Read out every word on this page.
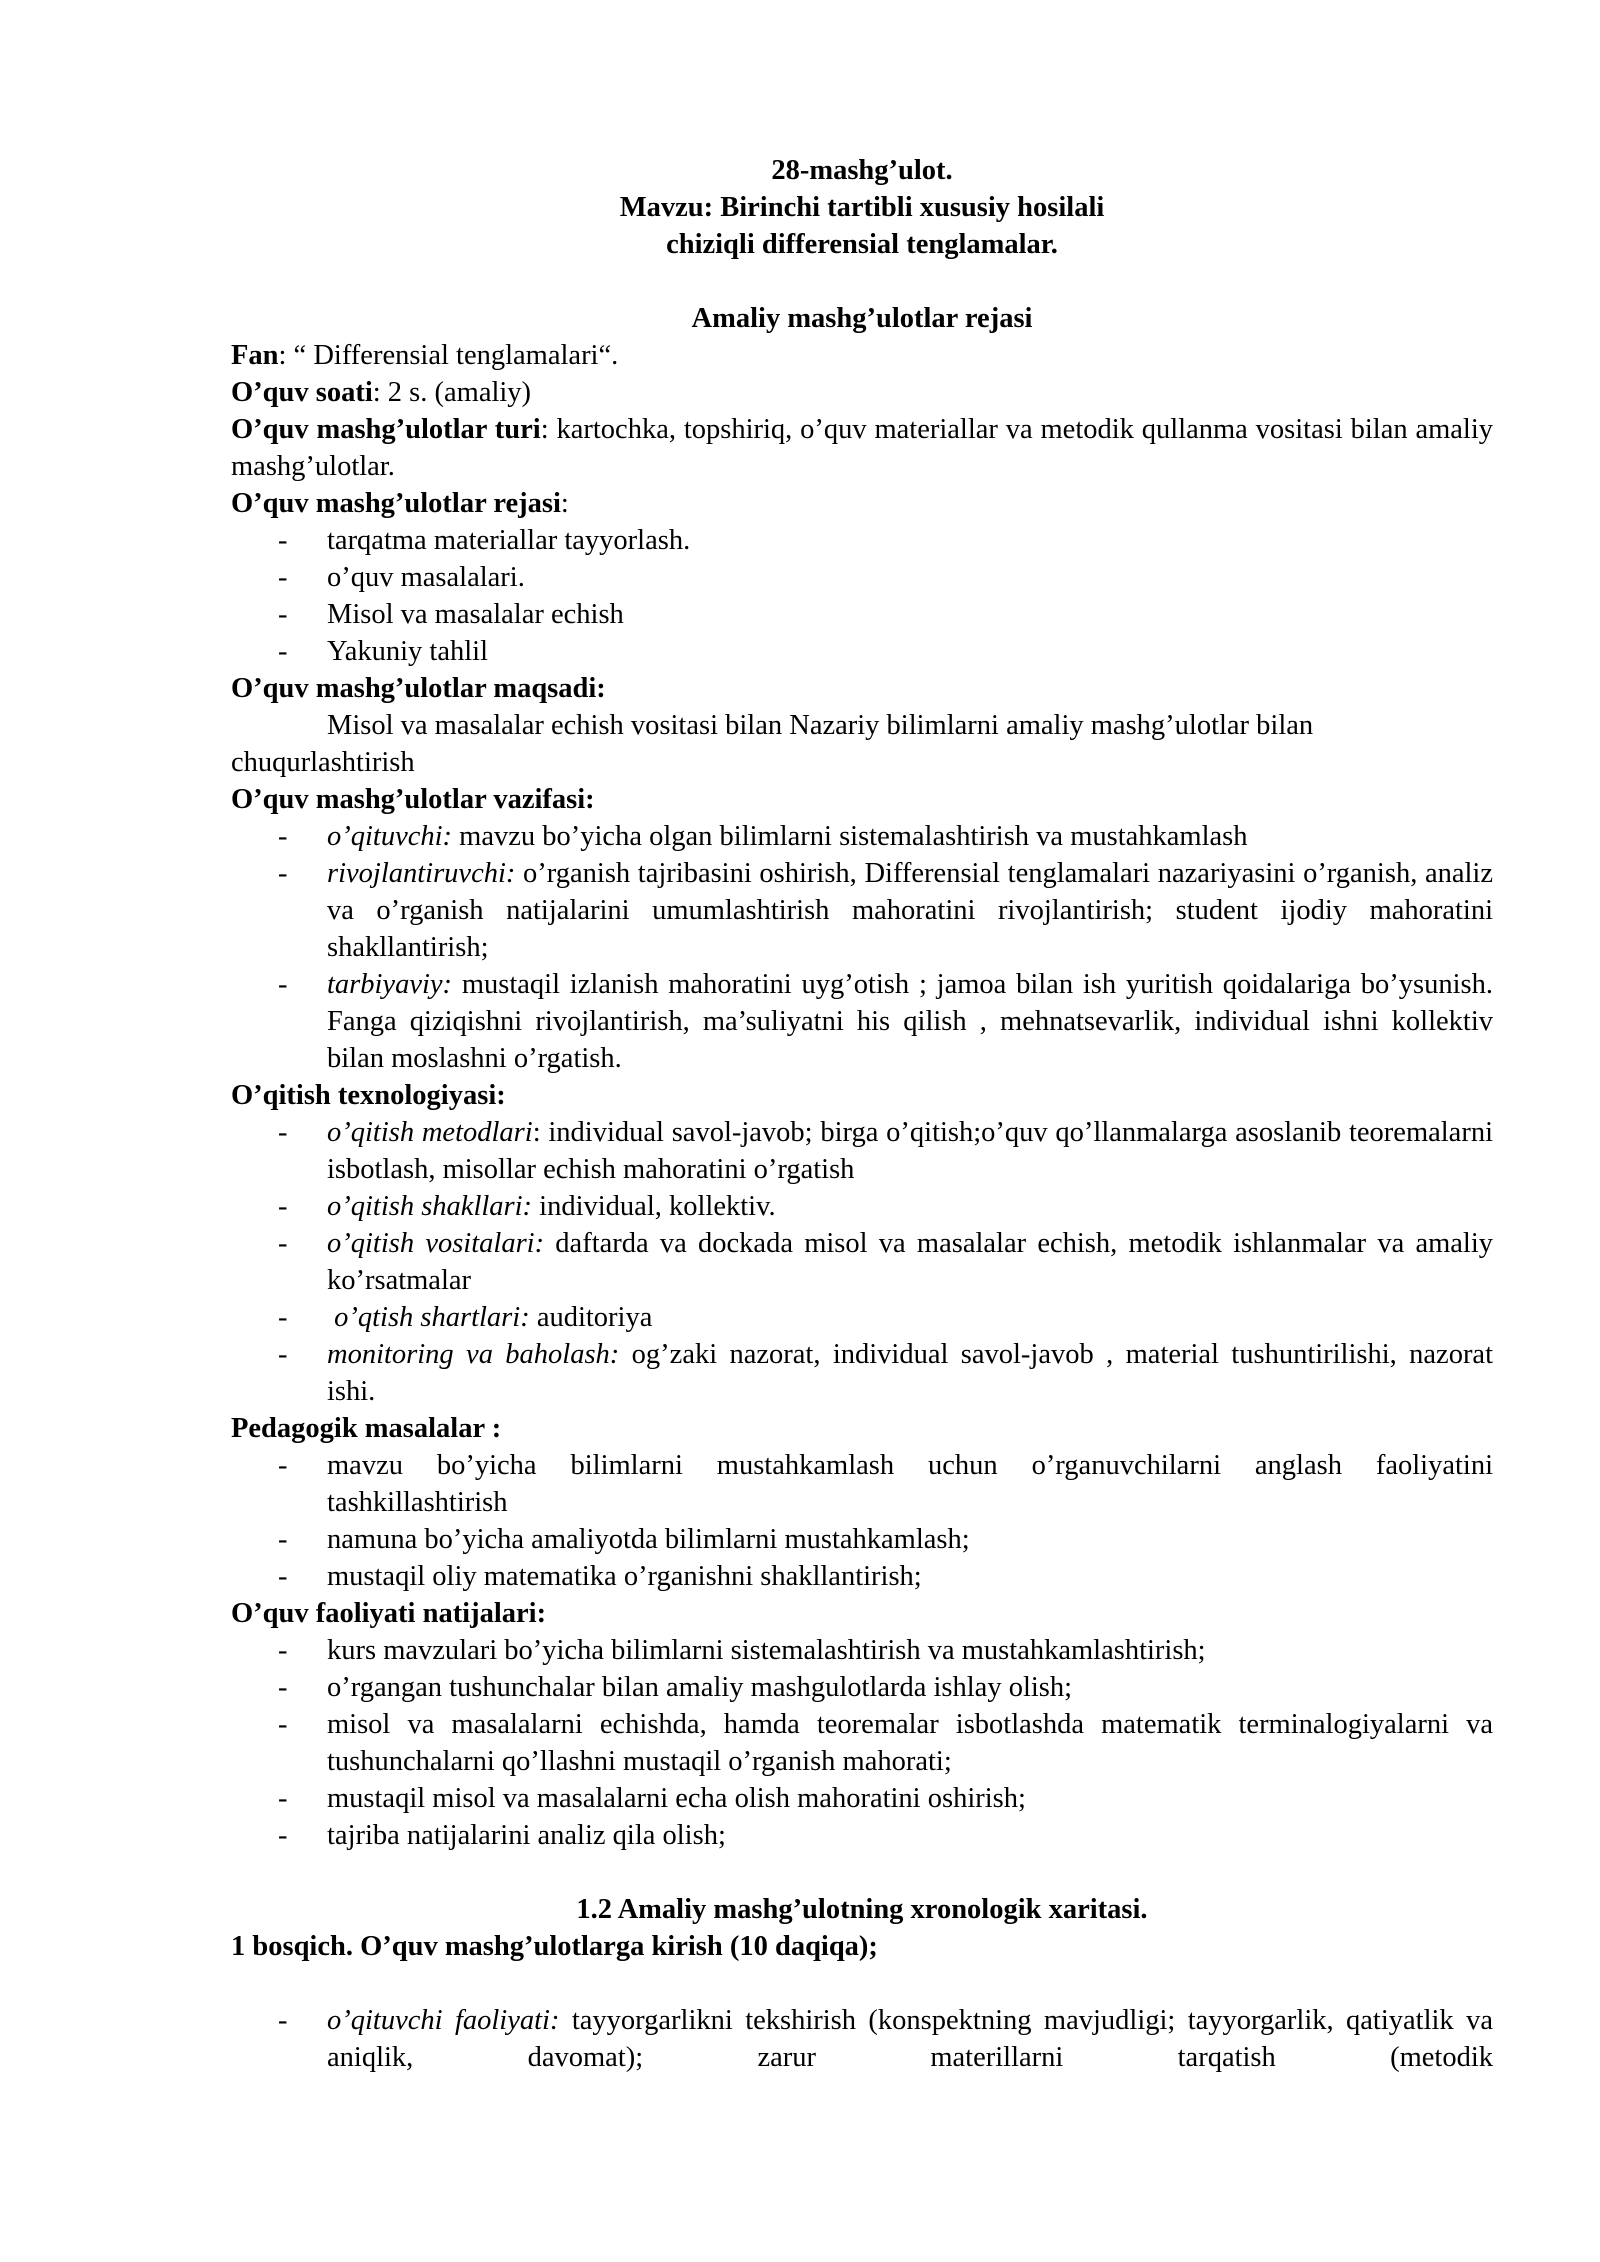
28-mashg’ulot.
Mavzu: Birinchi tartibli xususiy hosilali
chiziqli differensial tenglamalar.
Amaliy mashg’ulotlar rejasi
Fan: “ Differensial tenglamalari“.
O’quv soati: 2 s. (amaliy)
O’quv mashg’ulotlar turi: kartochka, topshiriq, o’quv materiallar va metodik qullanma vositasi bilan amaliy mashg’ulotlar.
O’quv mashg’ulotlar rejasi:
- tarqatma materiallar tayyorlash.
- o’quv masalalari.
- Misol va masalalar echish
- Yakuniy tahlil
O’quv mashg’ulotlar maqsadi:
Misol va masalalar echish vositasi bilan Nazariy bilimlarni amaliy mashg’ulotlar bilan chuqurlashtirish
O’quv mashg’ulotlar vazifasi:
- o’qituvchi: mavzu bo’yicha olgan bilimlarni sistemalashtirish va mustahkamlash
- rivojlantiruvchi: o’rganish tajribasini oshirish, Differensial tenglamalari nazariyasini o’rganish, analiz va o’rganish natijalarini umumlashtirish mahoratini rivojlantirish; student ijodiy mahoratini shakllantirish;
- tarbiyaviy: mustaqil izlanish mahoratini uyg’otish ; jamoa bilan ish yuritish qoidalariga bo’ysunish. Fanga qiziqishni rivojlantirish, ma’suliyatni his qilish , mehnatsevarlik, individual ishni kollektiv bilan moslashni o’rgatish.
O’qitish texnologiyasi:
- o’qitish metodlari: individual savol-javob; birga o’qitish;o’quv qo’llanmalarga asoslanib teoremalarni isbotlash, misollar echish mahoratini o’rgatish
- o’qitish shakllari: individual, kollektiv.
- o’qitish vositalari: daftarda va dockada misol va masalalar echish, metodik ishlanmalar va amaliy ko’rsatmalar
-  o’qtish shartlari: auditoriya
- monitoring va baholash: og’zaki nazorat, individual savol-javob , material tushuntirilishi, nazorat ishi.
Pedagogik masalalar :
- mavzu bo’yicha bilimlarni mustahkamlash uchun o’rganuvchilarni anglash faoliyatini tashkillashtirish
- namuna bo’yicha amaliyotda bilimlarni mustahkamlash;
- mustaqil oliy matematika o’rganishni shakllantirish;
O’quv faoliyati natijalari:
- kurs mavzulari bo’yicha bilimlarni sistemalashtirish va mustahkamlashtirish;
- o’rgangan tushunchalar bilan amaliy mashgulotlarda ishlay olish;
- misol va masalalarni echishda, hamda teoremalar isbotlashda matematik terminalogiyalarni va tushunchalarni qo’llashni mustaqil o’rganish mahorati;
- mustaqil misol va masalalarni echa olish mahoratini oshirish;
- tajriba natijalarini analiz qila olish;
1.2 Amaliy mashg’ulotning xronologik xaritasi.
1 bosqich. O’quv mashg’ulotlarga kirish (10 daqiqa);
- o’qituvchi faoliyati: tayyorgarlikni tekshirish (konspektning mavjudligi; tayyorgarlik, qatiyatlik va aniqlik, davomat); zarur materillarni tarqatish (metodik
